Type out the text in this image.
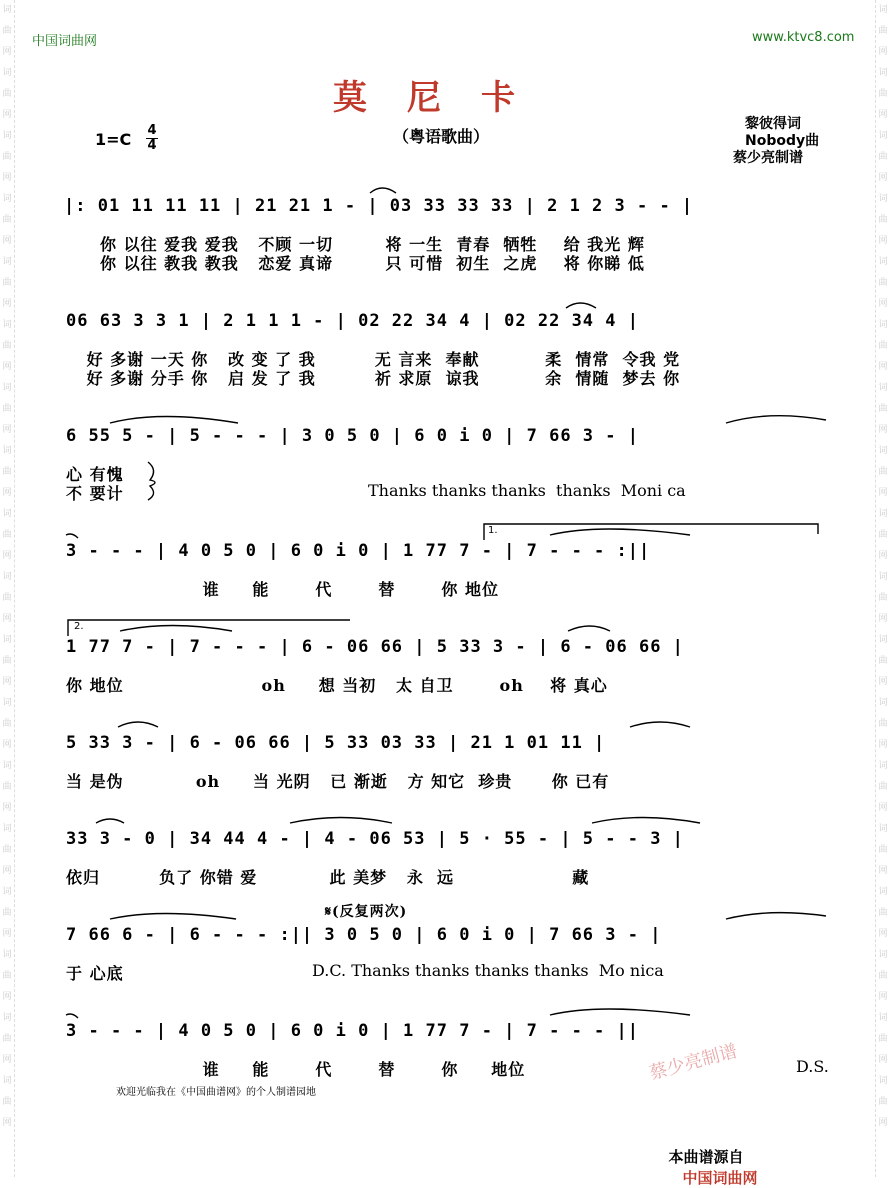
词
曲
网
词
曲
网
词
曲
网
词
曲
网
词
曲
网
词
曲
网
词
曲
网
词
曲
网
词
曲
网
词
曲
网
词
曲
网
词
曲
网
词
曲
网
词
曲
网
词
曲
网
词
曲
网
词
曲
网
词
曲
网
词
曲
网
词
曲
网
词
曲
网
词
曲
网
词
曲
网
词
曲
网
词
曲
网
词
曲
网
词
曲
网
词
曲
网
词
曲
网
词
曲
网
词
曲
网
词
曲
网
词
曲
网
词
曲
网
词
曲
网
词
曲
网
中国词曲网	www.ktvc8.com
莫尼卡
$1=C \frac{4}{4}$	（粤语歌曲）
黎彼得词
Nobody曲
蔡少亮制谱
|: 01 11 11 11 | 21 21 1 - | 03 33 33 33 | 2 1 2 3 - - |
你 以往 爱我 爱我   不顾 一切        将 一生  青春  牺牲    给 我光 辉
你 以往 教我 教我   恋爱 真谛        只 可惜  初生  之虎    将 你睇 低
06 63 3 3 1 | 2 1 1 1 - | 02 22 34 4 | 02 22 34 4 |
好 多谢 一天 你   改 变 了 我         无 言来  奉献          柔  情常  令我 党
好 多谢 分手 你   启 发 了 我         祈 求原  谅我          余  情随  梦去 你
6 55 5 - | 5 - - - | 3 0 5 0 | 6 0 i 0 | 7 66 3 - |
心 有愧
不 要计	Thanks thanks thanks  thanks  Moni ca
1.
3 - - - | 4 0 5 0 | 6 0 i 0 | 1 77 7 - | 7 - - - :||
谁     能       代       替       你 地位
2.
1 77 7 - | 7 - - - | 6 - 06 66 | 5 33 3 - | 6 - 06 66 |
你 地位                     oh     想 当初   太 自卫       oh    将 真心
5 33 3 - | 6 - 06 66 | 5 33 03 33 | 21 1 01 11 |
当 是伪           oh     当 光阴   已 渐逝   方 知它  珍贵      你 已有
33 3 - 0 | 34 44 4 - | 4 - 06 53 | 5 · 55 - | 5 - - 3 |
依归         负了 你错 爱           此 美梦   永  远                  藏
𝄋(反复两次)
7 66 6 - | 6 - - - :|| 3 0 5 0 | 6 0 i 0 | 7 66 3 - |
于 心底	D.C. Thanks thanks thanks thanks  Mo nica
3 - - - | 4 0 5 0 | 6 0 i 0 | 1 77 7 - | 7 - - - ||
谁     能       代       替       你     地位	D.S.
欢迎光临我在《中国曲谱网》的个人制谱园地
蔡少亮制谱

本曲谱源自
中国词曲网
